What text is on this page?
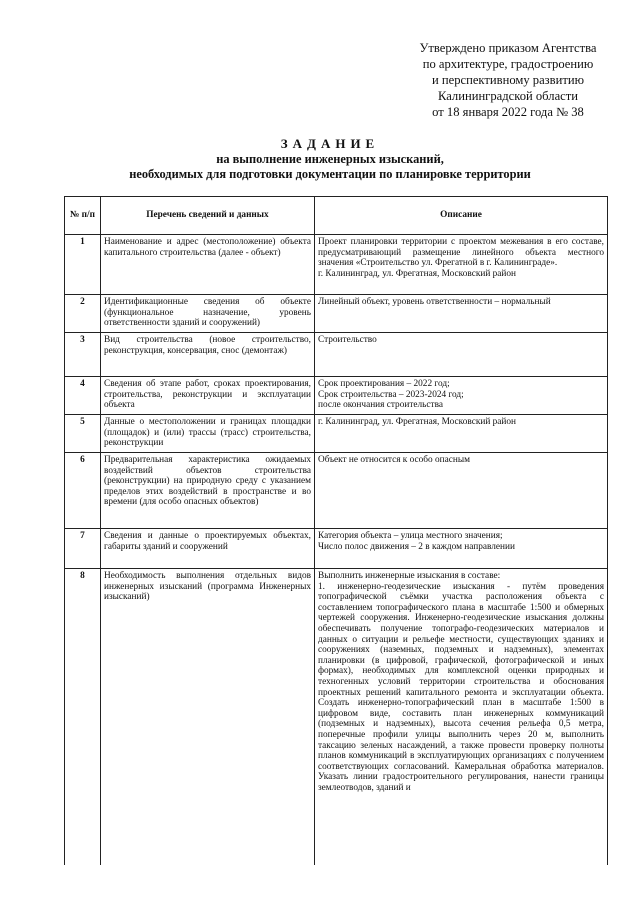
Утверждено приказом Агентства
по архитектуре, градостроению
и перспективному развитию
Калининградской области
от 18 января 2022 года № 38
ЗАДАНИЕ
на выполнение инженерных изысканий,
необходимых для подготовки документации по планировке территории
№ п/п	Перечень сведений и данных	Описание
1	Наименование и адрес (местоположение) объекта капитального строительства (далее - объект)	Проект планировки территории с проектом межевания в его составе, предусматривающий размещение линейного объекта местного значения «Строительство ул. Фрегатной в г. Калининграде».
г. Калининград, ул. Фрегатная, Московский район

2	Идентификационные сведения об объекте (функциональное назначение, уровень ответственности зданий и сооружений)	Линейный объект, уровень ответственности – нормальный

3	Вид строительства (новое строительство, реконструкция, консервация, снос (демонтаж)	Строительство

4	Сведения об этапе работ, сроках проектирования, строительства, реконструкции и эксплуатации объекта	Срок проектирования – 2022 год;
Срок строительства – 2023-2024 год;
после окончания строительства

5	Данные о местоположении и границах площадки (площадок) и (или) трассы (трасс) строительства, реконструкции	г. Калининград, ул. Фрегатная, Московский район

6	Предварительная характеристика ожидаемых воздействий объектов строительства (реконструкции) на природную среду с указанием пределов этих воздействий в пространстве и во времени (для особо опасных объектов)	Объект не относится к особо опасным

7	Сведения и данные о проектируемых объектах, габариты зданий и сооружений	Категория объекта – улица местного значения;
Число полос движения – 2 в каждом направлении

8	Необходимость выполнения отдельных видов инженерных изысканий (программа Инженерных изысканий)	Выполнить инженерные изыскания в составе:
1. инженерно-геодезические изыскания - путём проведения топографической съёмки участка расположения объекта с составлением топографического плана в масштабе 1:500 и обмерных чертежей сооружения. Инженерно-геодезические изыскания должны обеспечивать получение топографо-геодезических материалов и данных о ситуации и рельефе местности, существующих зданиях и сооружениях (наземных, подземных и надземных), элементах планировки (в цифровой, графической, фотографической и иных формах), необходимых для комплексной оценки природных и техногенных условий территории строительства и обоснования проектных решений капитального ремонта и эксплуатации объекта. Создать инженерно-топографический план в масштабе 1:500 в цифровом виде, составить план инженерных коммуникаций (подземных и надземных), высота сечения рельефа 0,5 метра, поперечные профили улицы выполнить через 20 м, выполнить таксацию зеленых насаждений, а также провести проверку полноты планов коммуникаций в эксплуатирующих организациях с получением соответствующих согласований. Камеральная обработка материалов. Указать линии градостроительного регулирования, нанести границы землеотводов, зданий и
